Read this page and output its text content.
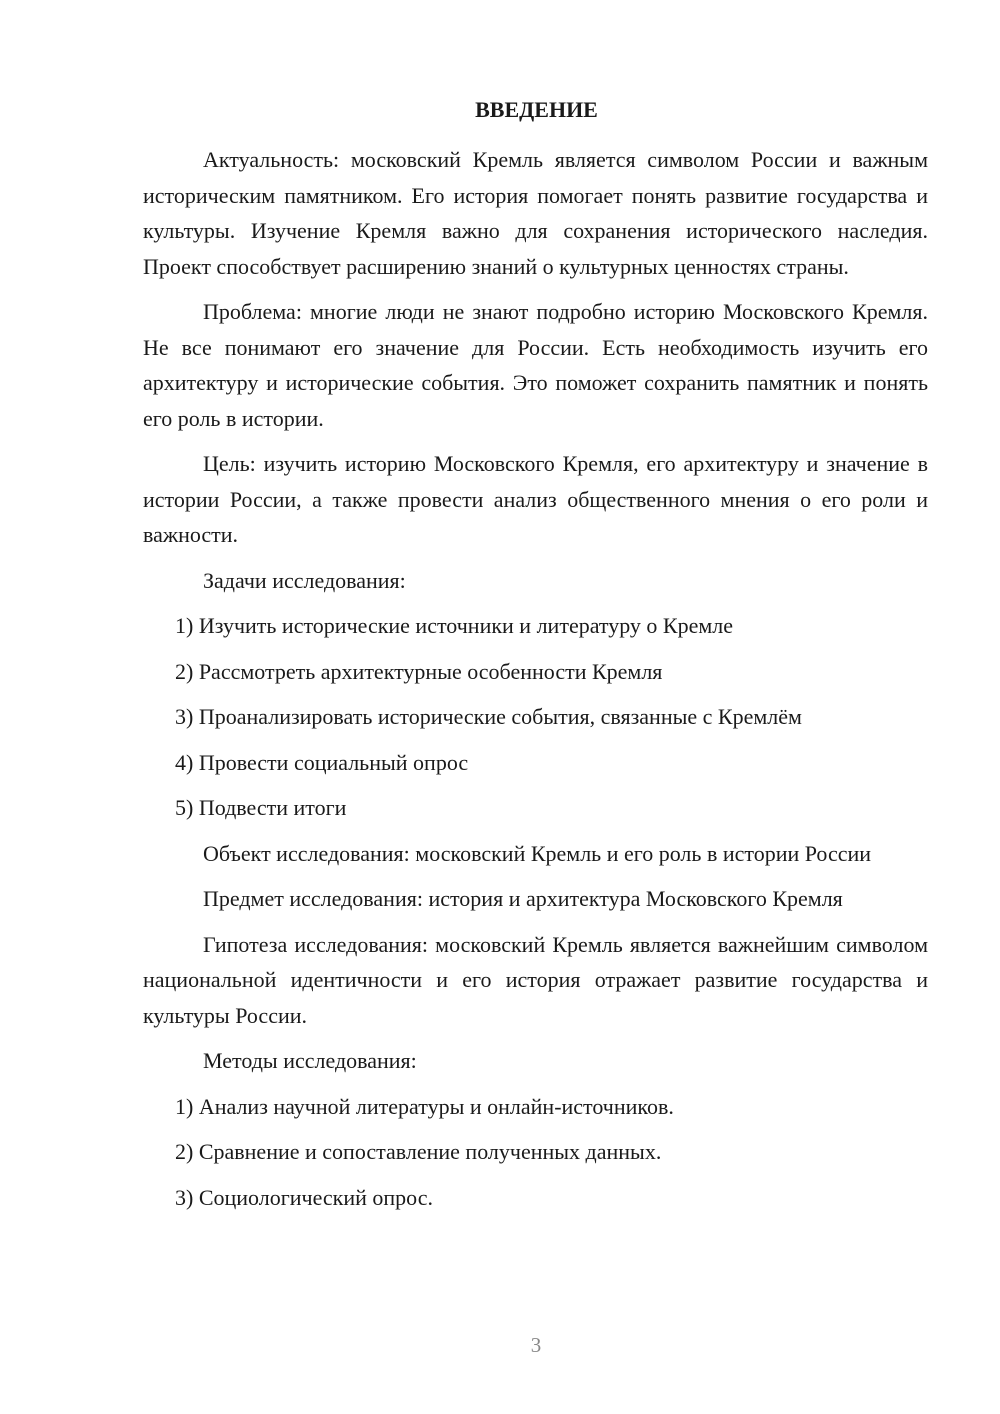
ВВЕДЕНИЕ

Актуальность: московский Кремль является символом России и важным историческим памятником. Его история помогает понять развитие государства и культуры. Изучение Кремля важно для сохранения исторического наследия. Проект способствует расширению знаний о культурных ценностях страны.

Проблема: многие люди не знают подробно историю Московского Кремля. Не все понимают его значение для России. Есть необходимость изучить его архитектуру и исторические события. Это поможет сохранить памятник и понять его роль в истории.

Цель: изучить историю Московского Кремля, его архитектуру и значение в истории России, а также провести анализ общественного мнения о его роли и важности.

Задачи исследования:

1) Изучить исторические источники и литературу о Кремле
2) Рассмотреть архитектурные особенности Кремля
3) Проанализировать исторические события, связанные с Кремлём
4) Провести социальный опрос
5) Подвести итоги

Объект исследования: московский Кремль и его роль в истории России

Предмет исследования: история и архитектура Московского Кремля

Гипотеза исследования: московский Кремль является важнейшим символом национальной идентичности и его история отражает развитие государства и культуры России.

Методы исследования:

1) Анализ научной литературы и онлайн-источников.
2) Сравнение и сопоставление полученных данных.
3) Социологический опрос.
3
